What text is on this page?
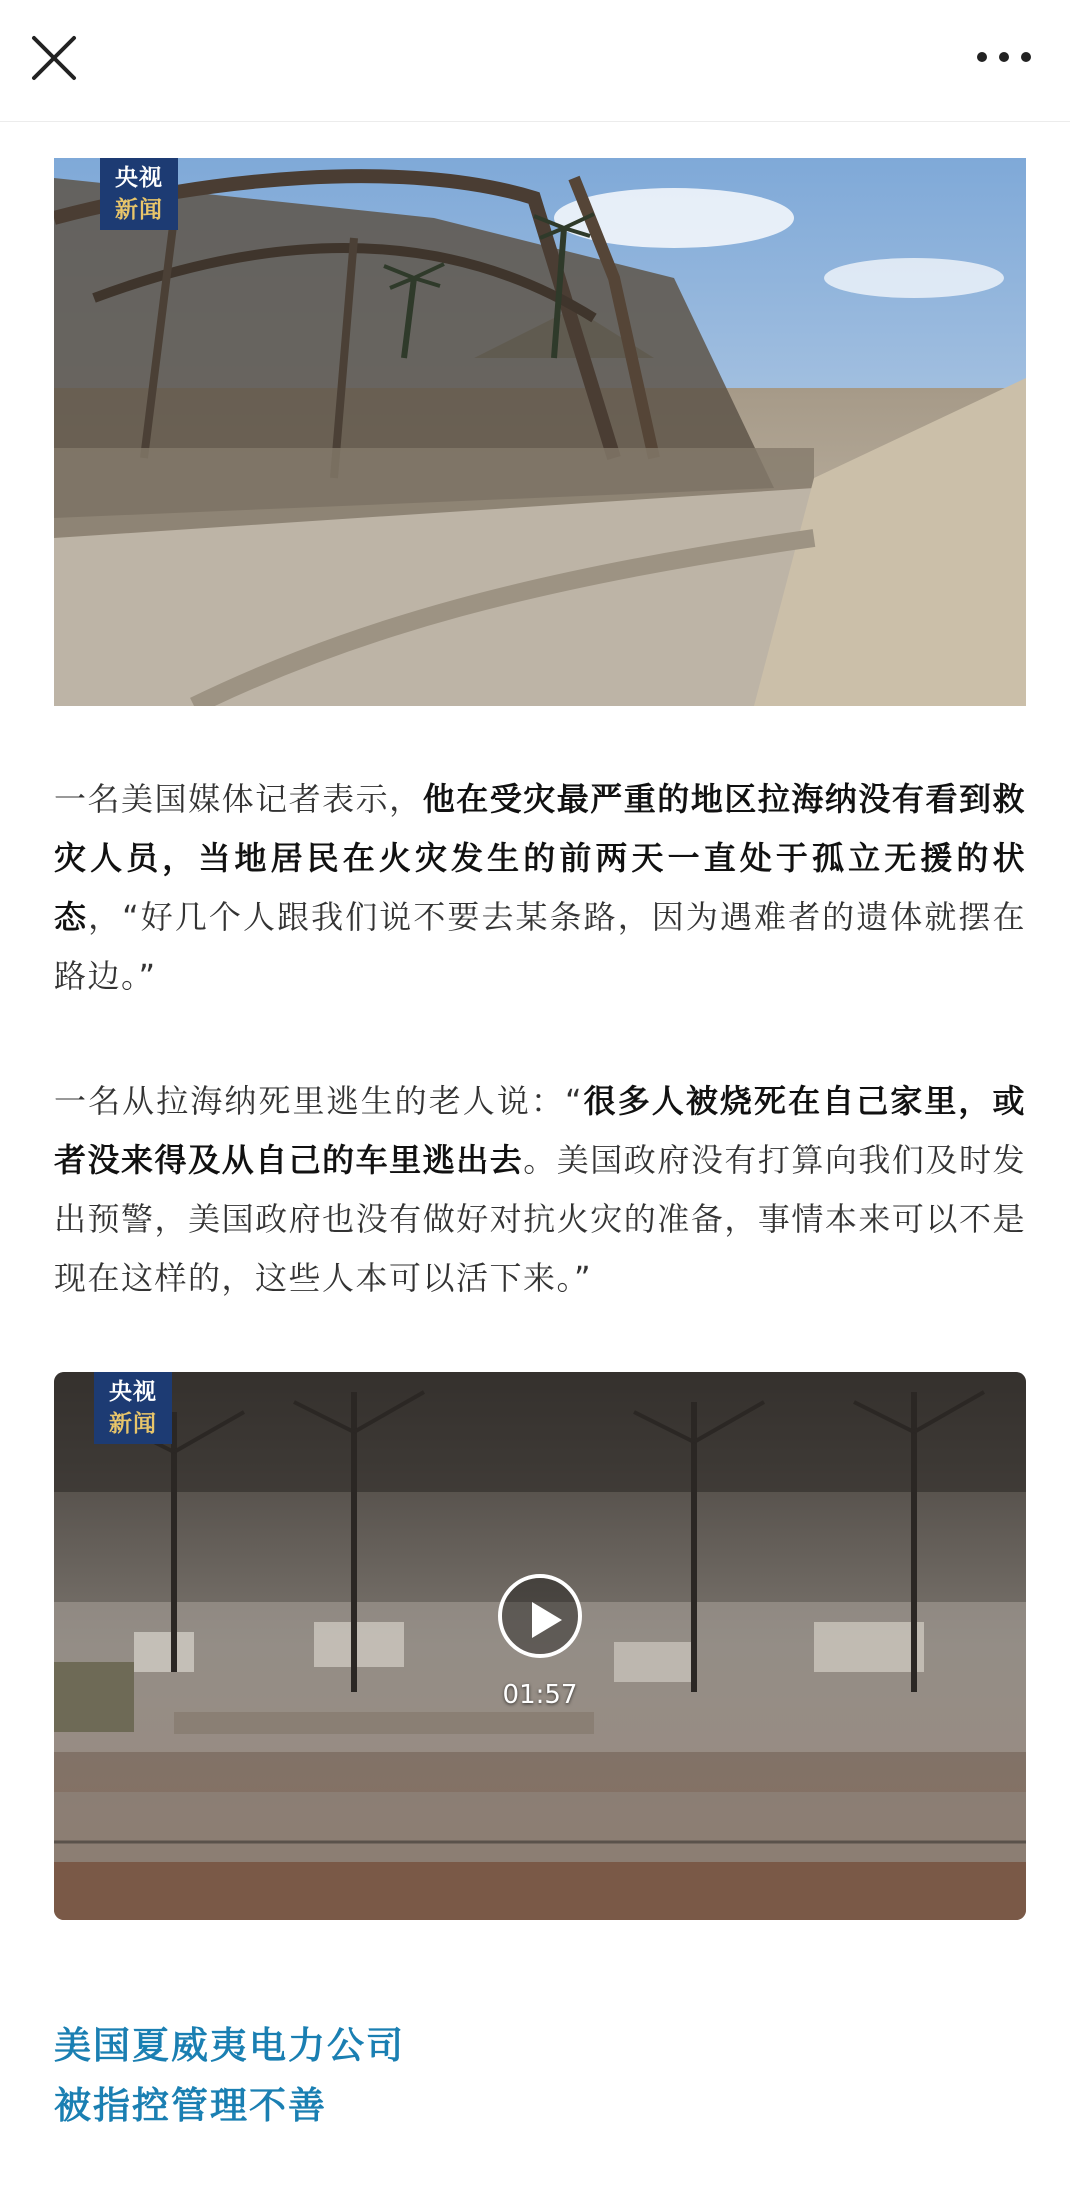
央视
新闻

一名美国媒体记者表示，他在受灾最严重的地区拉海纳没有看到救灾人员，当地居民在火灾发生的前两天一直处于孤立无援的状态，“好几个人跟我们说不要去某条路，因为遇难者的遗体就摆在路边。”

一名从拉海纳死里逃生的老人说：“很多人被烧死在自己家里，或者没来得及从自己的车里逃出去。美国政府没有打算向我们及时发出预警，美国政府也没有做好对抗火灾的准备，事情本来可以不是现在这样的，这些人本可以活下来。”

央视
新闻
01:57
美国夏威夷电力公司
被指控管理不善
